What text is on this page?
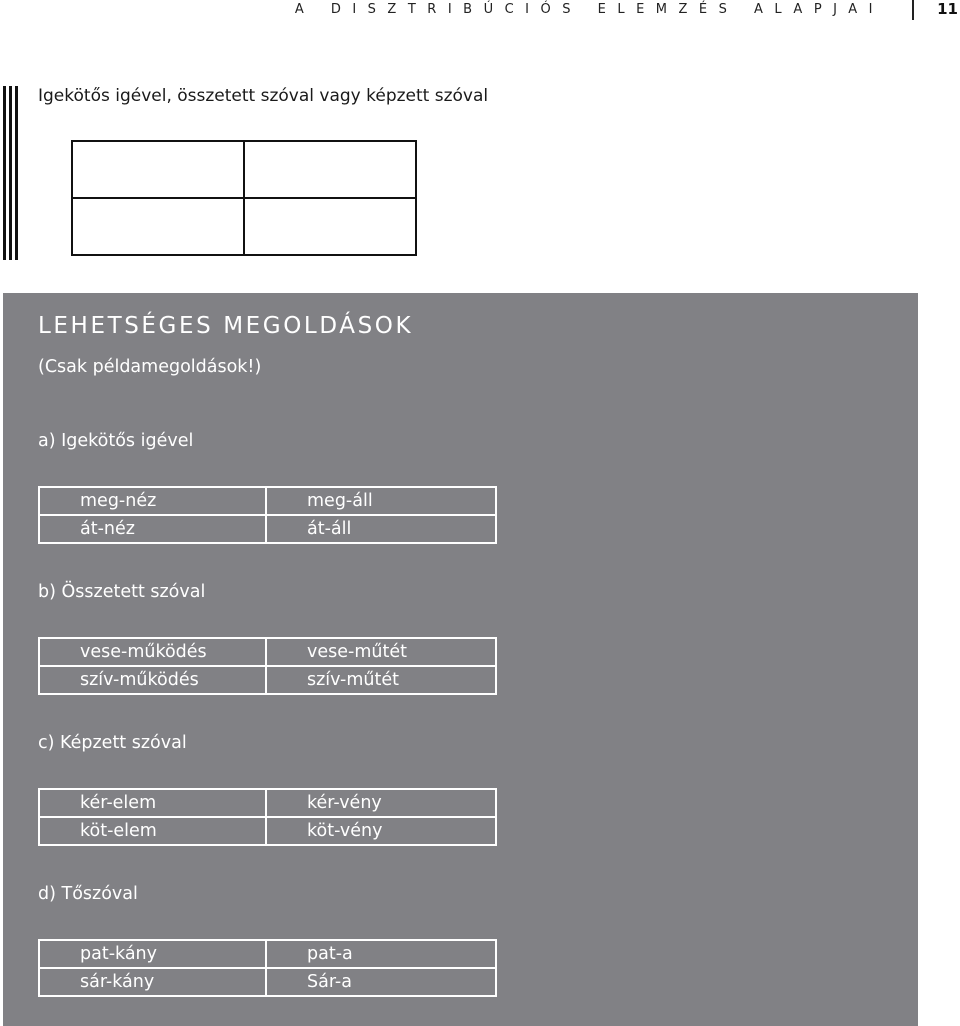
A DISZTRIBÚCIÓS ELEMZÉS ALAPJAI	11
Igekötős igével, összetett szóval vagy képzett szóval

LEHETSÉGES MEGOLDÁSOK
(Csak példamegoldások!)
a) Igekötős igével
meg-néz	meg-áll
át-néz	át-áll
b) Összetett szóval
vese-működés	vese-műtét
szív-működés	szív-műtét
c) Képzett szóval
kér-elem	kér-vény
köt-elem	köt-vény
d) Tőszóval
pat-kány	pat-a
sár-kány	Sár-a
